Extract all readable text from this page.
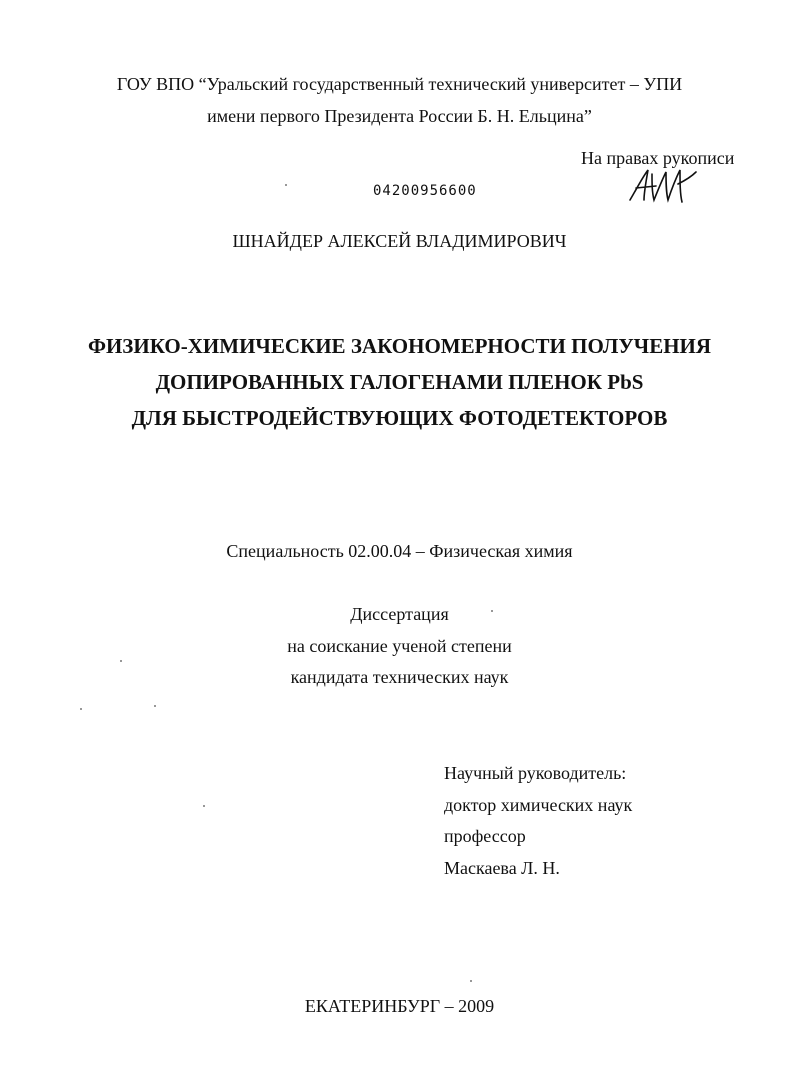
ГОУ ВПО “Уральский государственный технический университет – УПИ
имени первого Президента России Б. Н. Ельцина”
На правах рукописи
04200956600
ШНАЙДЕР АЛЕКСЕЙ ВЛАДИМИРОВИЧ
ФИЗИКО-ХИМИЧЕСКИЕ ЗАКОНОМЕРНОСТИ ПОЛУЧЕНИЯ
ДОПИРОВАННЫХ ГАЛОГЕНАМИ ПЛЕНОК PbS
ДЛЯ БЫСТРОДЕЙСТВУЮЩИХ ФОТОДЕТЕКТОРОВ
Специальность 02.00.04 – Физическая химия
Диссертация
на соискание ученой степени
кандидата технических наук
Научный руководитель:
доктор химических наук
профессор
Маскаева Л. Н.
ЕКАТЕРИНБУРГ – 2009
